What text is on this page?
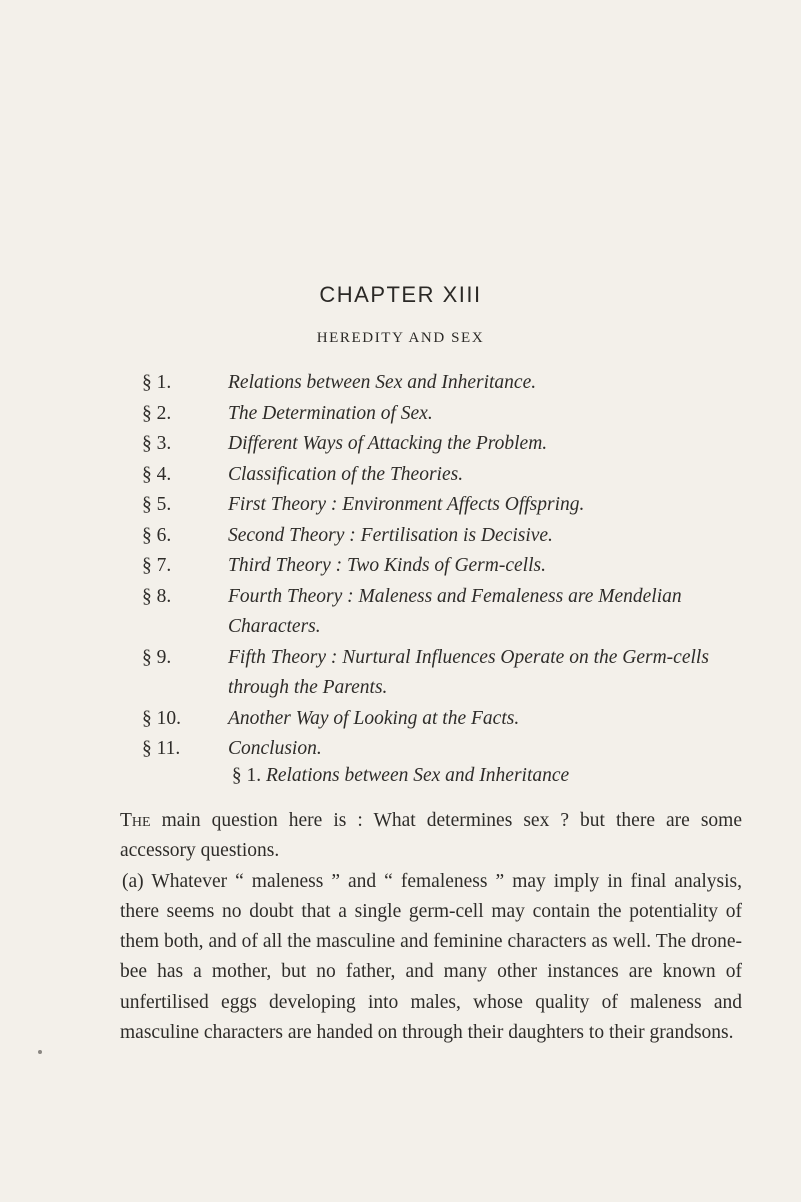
CHAPTER XIII
HEREDITY AND SEX
§ 1.	Relations between Sex and Inheritance.
§ 2.	The Determination of Sex.
§ 3.	Different Ways of Attacking the Problem.
§ 4.	Classification of the Theories.
§ 5.	First Theory : Environment Affects Offspring.
§ 6.	Second Theory : Fertilisation is Decisive.
§ 7.	Third Theory : Two Kinds of Germ-cells.
§ 8.	Fourth Theory : Maleness and Femaleness are Mendelian Characters.
§ 9.	Fifth Theory : Nurtural Influences Operate on the Germ-cells through the Parents.
§ 10.	Another Way of Looking at the Facts.
§ 11.	Conclusion.
§ 1. Relations between Sex and Inheritance

The main question here is : What determines sex ? but there are some accessory questions.

(a) Whatever “ maleness ” and “ femaleness ” may imply in final analysis, there seems no doubt that a single germ-cell may contain the potentiality of them both, and of all the masculine and feminine characters as well. The drone-bee has a mother, but no father, and many other instances are known of unfertilised eggs developing into males, whose quality of maleness and masculine characters are handed on through their daughters to their grandsons.
